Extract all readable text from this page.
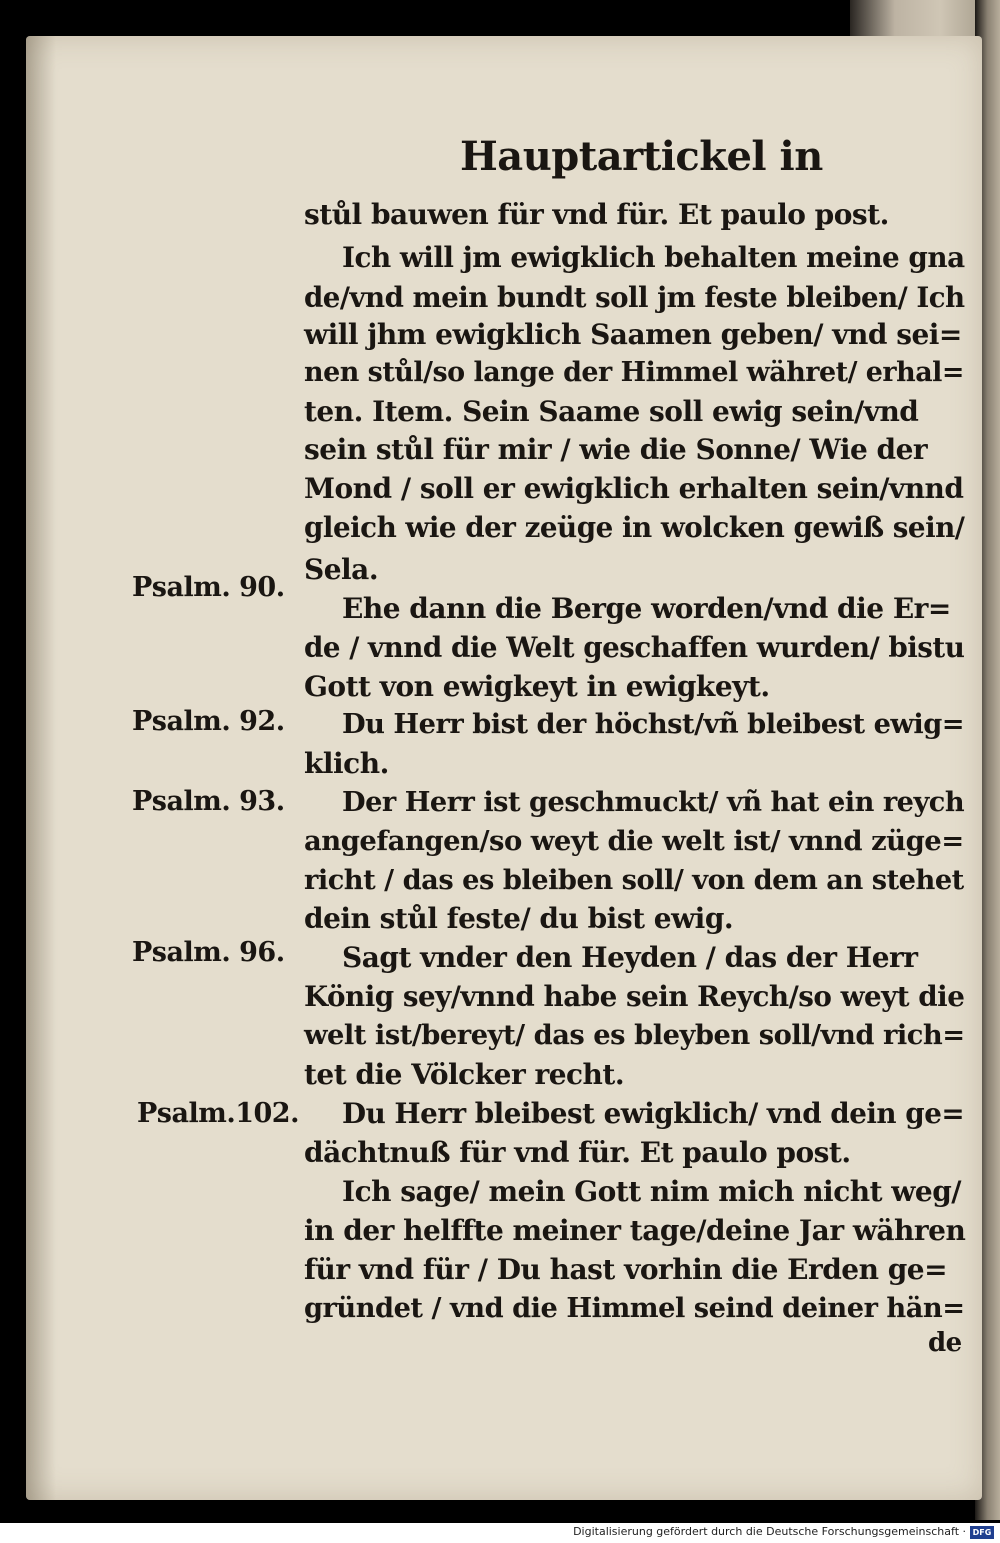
Hauptartickel in
stůl bauwen für vnd für. Et paulo post.
Ich will jm ewigklich behalten meine gna
de/vnd mein bundt soll jm feste bleiben/ Ich
will jhm ewigklich Saamen geben/ vnd sei=
nen stůl/so lange der Himmel währet/ erhal=
ten. Item. Sein Saame soll ewig sein/vnd
sein stůl für mir / wie die Sonne/ Wie der
Mond / soll er ewigklich erhalten sein/vnnd
gleich wie der zeüge in wolcken gewiß sein/
Sela.
Psalm. 90.
Ehe dann die Berge worden/vnd die Er=
de / vnnd die Welt geschaffen wurden/ bistu
Gott von ewigkeyt in ewigkeyt.
Psalm. 92. Du Herr bist der höchst/vñ bleibest ewig=
klich.
Psalm. 93. Der Herr ist geschmuckt/ vñ hat ein reych
angefangen/so weyt die welt ist/ vnnd züge=
richt / das es bleiben soll/ von dem an stehet
dein stůl feste/ du bist ewig.
Psalm. 96. Sagt vnder den Heyden / das der Herr
König sey/vnnd habe sein Reych/so weyt die
welt ist/bereyt/ das es bleyben soll/vnd rich=
tet die Völcker recht.
Psalm.102. Du Herr bleibest ewigklich/ vnd dein ge=
dächtnuß für vnd für. Et paulo post.
Ich sage/ mein Gott nim mich nicht weg/
in der helffte meiner tage/deine Jar währen
für vnd für / Du hast vorhin die Erden ge=
gründet / vnd die Himmel seind deiner hän=
de
Digitalisierung gefördert durch die Deutsche Forschungsgemeinschaft · DFG
